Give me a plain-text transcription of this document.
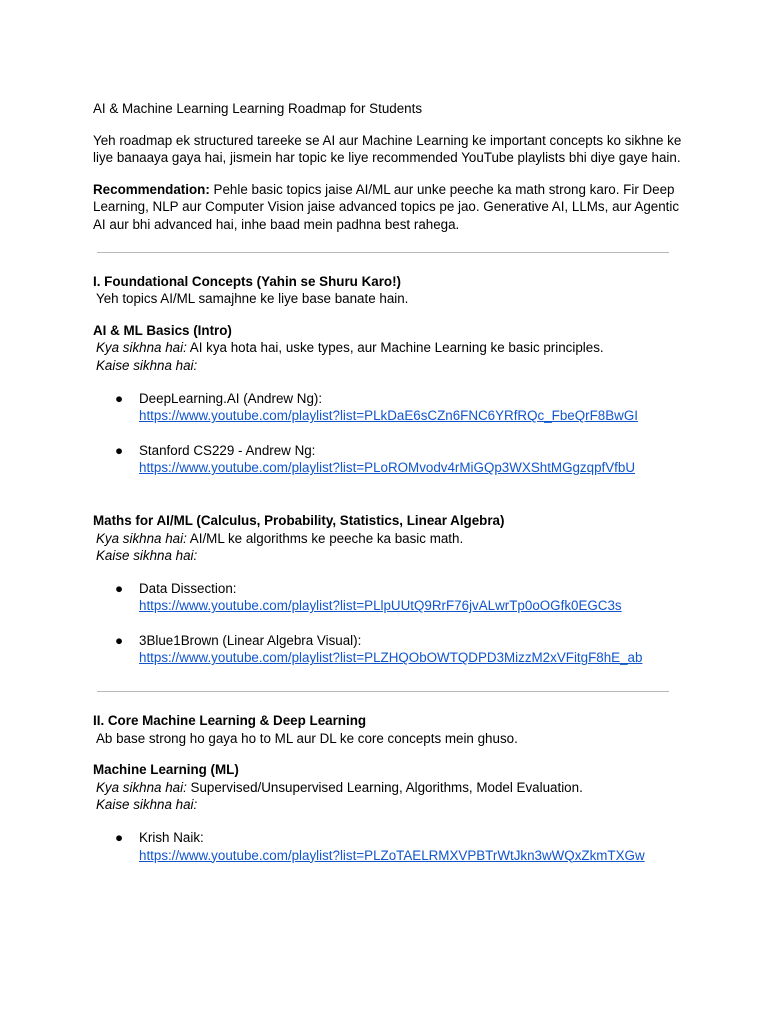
AI & Machine Learning Learning Roadmap for Students

Yeh roadmap ek structured tareeke se AI aur Machine Learning ke important concepts ko sikhne ke liye banaaya gaya hai, jismein har topic ke liye recommended YouTube playlists bhi diye gaye hain.

Recommendation: Pehle basic topics jaise AI/ML aur unke peeche ka math strong karo. Fir Deep Learning, NLP aur Computer Vision jaise advanced topics pe jao. Generative AI, LLMs, aur Agentic AI aur bhi advanced hai, inhe baad mein padhna best rahega.

I. Foundational Concepts (Yahin se Shuru Karo!)

Yeh topics AI/ML samajhne ke liye base banate hain.

AI & ML Basics (Intro)

Kya sikhna hai: AI kya hota hai, uske types, aur Machine Learning ke basic principles.

Kaise sikhna hai:

● DeepLearning.AI (Andrew Ng):
https://www.youtube.com/playlist?list=PLkDaE6sCZn6FNC6YRfRQc_FbeQrF8BwGI
● Stanford CS229 - Andrew Ng:
https://www.youtube.com/playlist?list=PLoROMvodv4rMiGQp3WXShtMGgzqpfVfbU

Maths for AI/ML (Calculus, Probability, Statistics, Linear Algebra)

Kya sikhna hai: AI/ML ke algorithms ke peeche ka basic math.

Kaise sikhna hai:

● Data Dissection:
https://www.youtube.com/playlist?list=PLlpUUtQ9RrF76jvALwrTp0oOGfk0EGC3s
● 3Blue1Brown (Linear Algebra Visual):
https://www.youtube.com/playlist?list=PLZHQObOWTQDPD3MizzM2xVFitgF8hE_ab

II. Core Machine Learning & Deep Learning

Ab base strong ho gaya ho to ML aur DL ke core concepts mein ghuso.

Machine Learning (ML)

Kya sikhna hai: Supervised/Unsupervised Learning, Algorithms, Model Evaluation.

Kaise sikhna hai:

● Krish Naik:
https://www.youtube.com/playlist?list=PLZoTAELRMXVPBTrWtJkn3wWQxZkmTXGw
